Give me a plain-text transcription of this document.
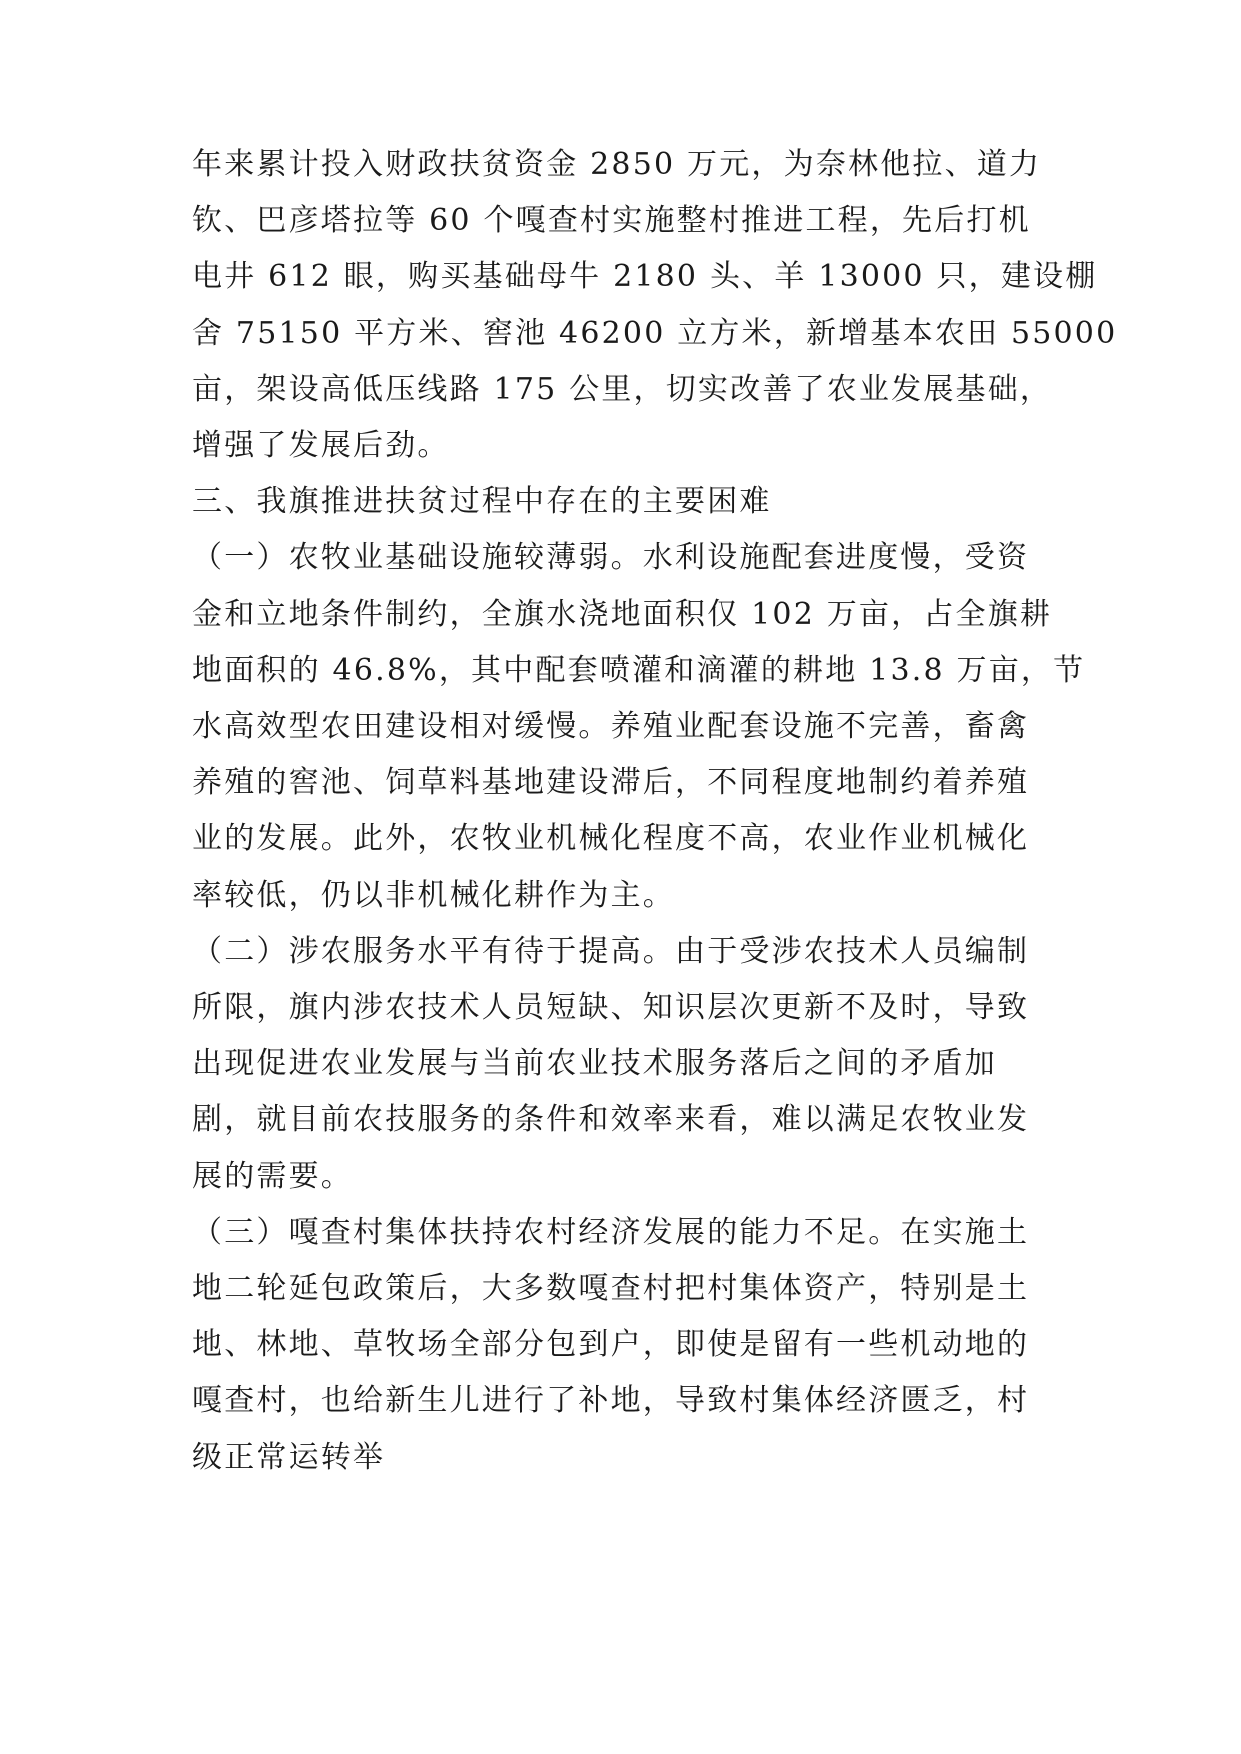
年来累计投入财政扶贫资金 2850 万元，为奈林他拉、道力
钦、巴彦塔拉等 60 个嘎查村实施整村推进工程，先后打机
电井 612 眼，购买基础母牛 2180 头、羊 13000 只，建设棚
舍 75150 平方米、窖池 46200 立方米，新增基本农田 55000
亩，架设高低压线路 175 公里，切实改善了农业发展基础，
增强了发展后劲。
三、我旗推进扶贫过程中存在的主要困难
（一）农牧业基础设施较薄弱。水利设施配套进度慢，受资
金和立地条件制约，全旗水浇地面积仅 102 万亩，占全旗耕
地面积的 46.8%，其中配套喷灌和滴灌的耕地 13.8 万亩，节
水高效型农田建设相对缓慢。养殖业配套设施不完善，畜禽
养殖的窖池、饲草料基地建设滞后，不同程度地制约着养殖
业的发展。此外，农牧业机械化程度不高，农业作业机械化
率较低，仍以非机械化耕作为主。
（二）涉农服务水平有待于提高。由于受涉农技术人员编制
所限，旗内涉农技术人员短缺、知识层次更新不及时，导致
出现促进农业发展与当前农业技术服务落后之间的矛盾加
剧，就目前农技服务的条件和效率来看，难以满足农牧业发
展的需要。
（三）嘎查村集体扶持农村经济发展的能力不足。在实施土
地二轮延包政策后，大多数嘎查村把村集体资产，特别是土
地、林地、草牧场全部分包到户，即使是留有一些机动地的
嘎查村，也给新生儿进行了补地，导致村集体经济匮乏，村
级正常运转举
